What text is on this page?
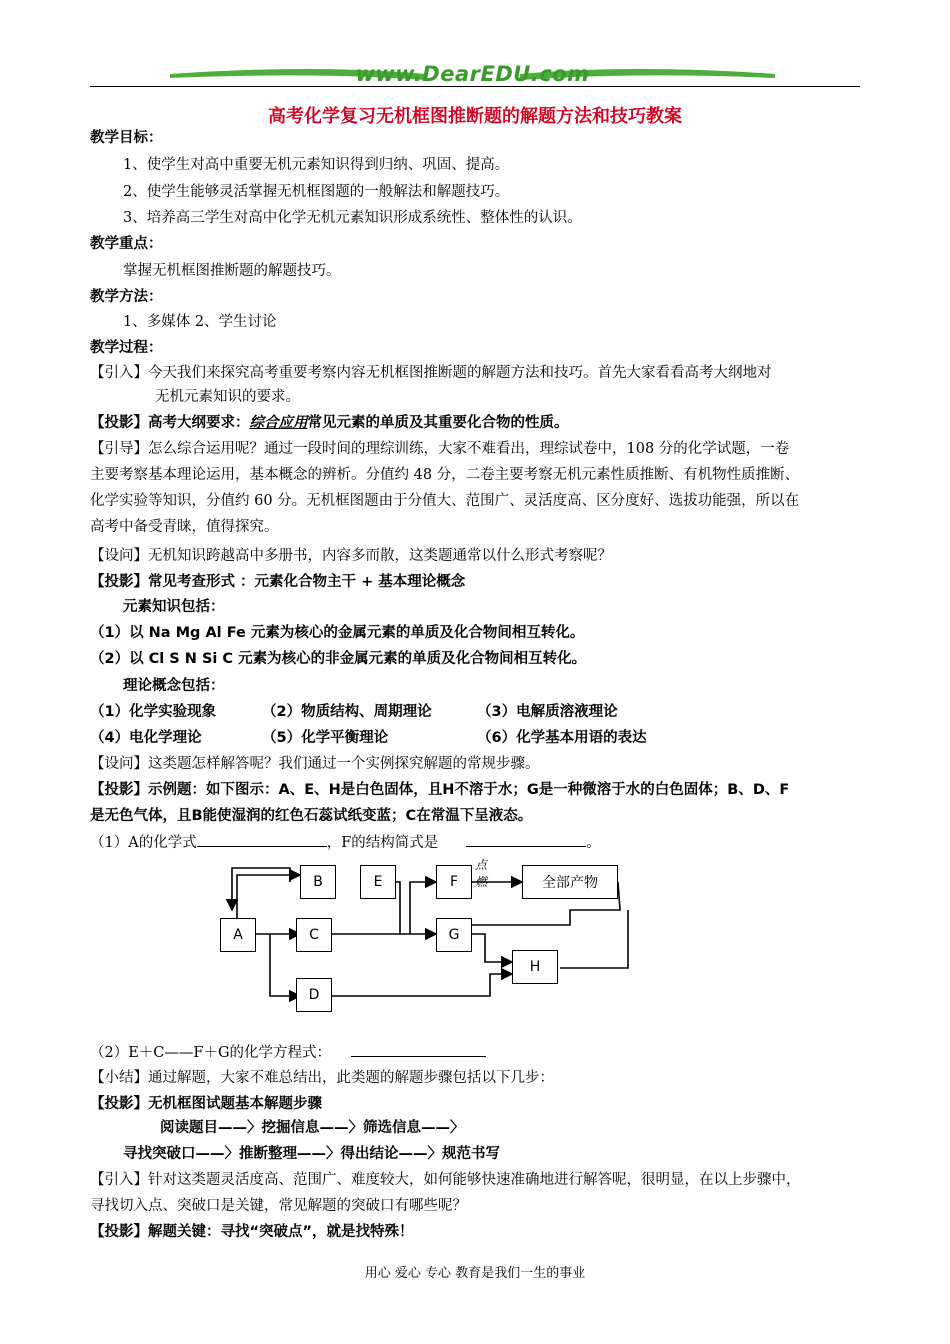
www.DearEDU.com
高考化学复习无机框图推断题的解题方法和技巧教案
教学目标：
1、使学生对高中重要无机元素知识得到归纳、巩固、提高。
2、使学生能够灵活掌握无机框图题的一般解法和解题技巧。
3、培养高三学生对高中化学无机元素知识形成系统性、整体性的认识。
教学重点：
掌握无机框图推断题的解题技巧。
教学方法：
1、多媒体 2、学生讨论
教学过程：
【引入】今天我们来探究高考重要考察内容无机框图推断题的解题方法和技巧。首先大家看看高考大纲地对
无机元素知识的要求。
【投影】高考大纲要求：综合应用常见元素的单质及其重要化合物的性质。
【引导】怎么综合运用呢？通过一段时间的理综训练，大家不难看出，理综试卷中，108 分的化学试题，一卷
主要考察基本理论运用，基本概念的辨析。分值约 48 分，二卷主要考察无机元素性质推断、有机物性质推断、
化学实验等知识，分值约 60 分。无机框图题由于分值大、范围广、灵活度高、区分度好、选拔功能强，所以在
高考中备受青睐，值得探究。
【设问】无机知识跨越高中多册书，内容多而散，这类题通常以什么形式考察呢？
【投影】常见考查形式 ：元素化合物主干 + 基本理论概念
元素知识包括：
（1）以 Na Mg Al Fe 元素为核心的金属元素的单质及化合物间相互转化。
（2）以 Cl S N Si C 元素为核心的非金属元素的单质及化合物间相互转化。
理论概念包括：
（1）化学实验现象	（2）物质结构、周期理论	（3）电解质溶液理论
（4）电化学理论	（5）化学平衡理论	（6）化学基本用语的表达
【设问】这类题怎样解答呢？我们通过一个实例探究解题的常规步骤。
【投影】示例题：如下图示：A、E、H是白色固体，且H不溶于水；G是一种微溶于水的白色固体；B、D、F
是无色气体，且B能使湿润的红色石蕊试纸变蓝；C在常温下呈液态。
（1）A的化学式	，F的结构简式是	。
A
B
C
D
E	F
G
H
全部产物
点燃
（2）E＋C——F＋G的化学方程式：
【小结】通过解题，大家不难总结出，此类题的解题步骤包括以下几步：
【投影】无机框图试题基本解题步骤
阅读题目——〉挖掘信息——〉筛选信息——〉
寻找突破口——〉推断整理——〉得出结论——〉规范书写
【引入】针对这类题灵活度高、范围广、难度较大，如何能够快速准确地进行解答呢，很明显，在以上步骤中，
寻找切入点、突破口是关键，常见解题的突破口有哪些呢？
【投影】解题关键：寻找“突破点”，就是找特殊！
用心 爱心 专心 教育是我们一生的事业
